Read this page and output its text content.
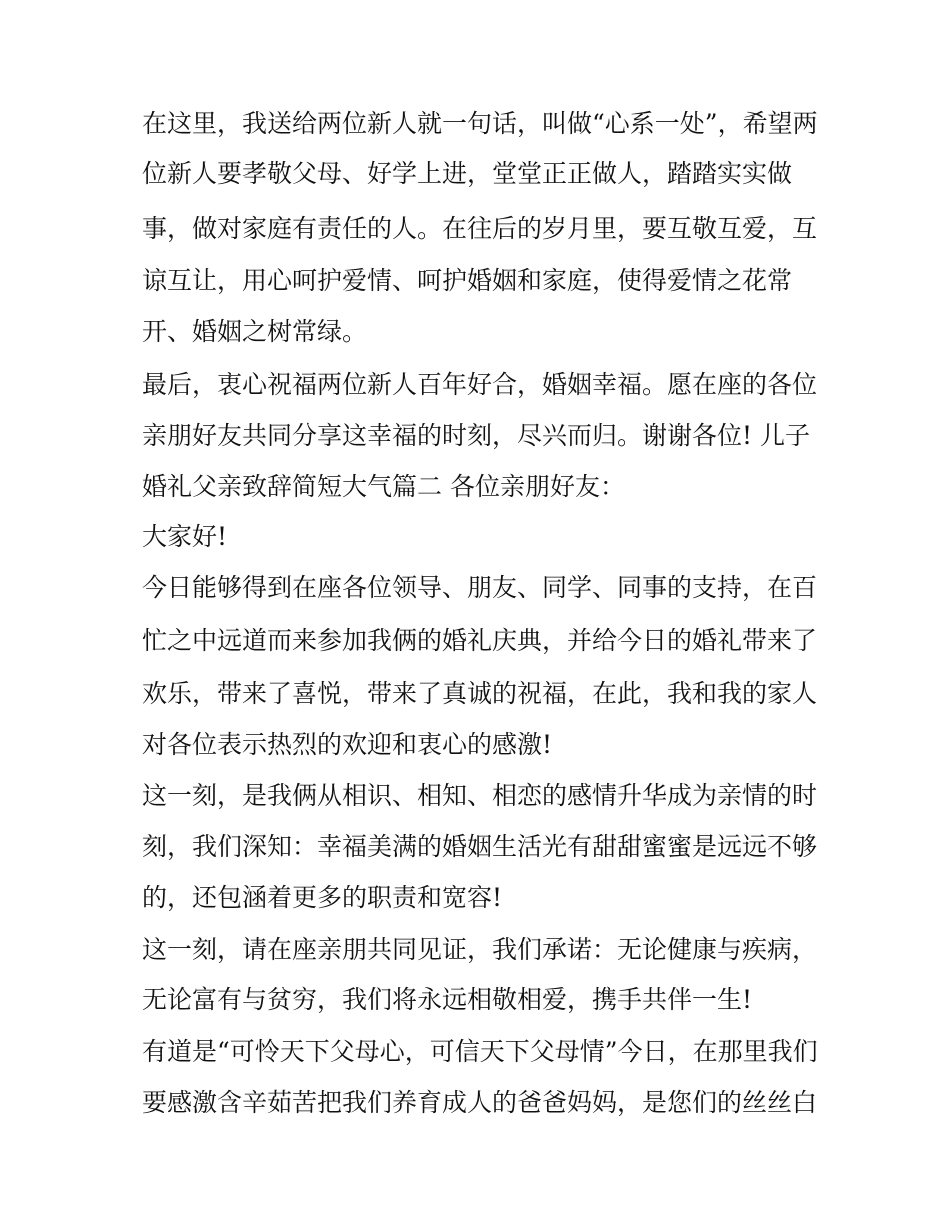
在这里，我送给两位新人就一句话，叫做“心系一处”，希望两
位新人要孝敬父母、好学上进，堂堂正正做人，踏踏实实做
事，做对家庭有责任的人。在往后的岁月里，要互敬互爱，互
谅互让，用心呵护爱情、呵护婚姻和家庭，使得爱情之花常
开、婚姻之树常绿。
最后，衷心祝福两位新人百年好合，婚姻幸福。愿在座的各位
亲朋好友共同分享这幸福的时刻，尽兴而归。谢谢各位! 儿子
婚礼父亲致辞简短大气篇二 各位亲朋好友：
大家好!
今日能够得到在座各位领导、朋友、同学、同事的支持，在百
忙之中远道而来参加我俩的婚礼庆典，并给今日的婚礼带来了
欢乐，带来了喜悦，带来了真诚的祝福，在此，我和我的家人
对各位表示热烈的欢迎和衷心的感激!
这一刻，是我俩从相识、相知、相恋的感情升华成为亲情的时
刻，我们深知：幸福美满的婚姻生活光有甜甜蜜蜜是远远不够
的，还包涵着更多的职责和宽容!
这一刻，请在座亲朋共同见证，我们承诺：无论健康与疾病，
无论富有与贫穷，我们将永远相敬相爱，携手共伴一生!
有道是“可怜天下父母心，可信天下父母情”今日，在那里我们
要感激含辛茹苦把我们养育成人的爸爸妈妈，是您们的丝丝白
